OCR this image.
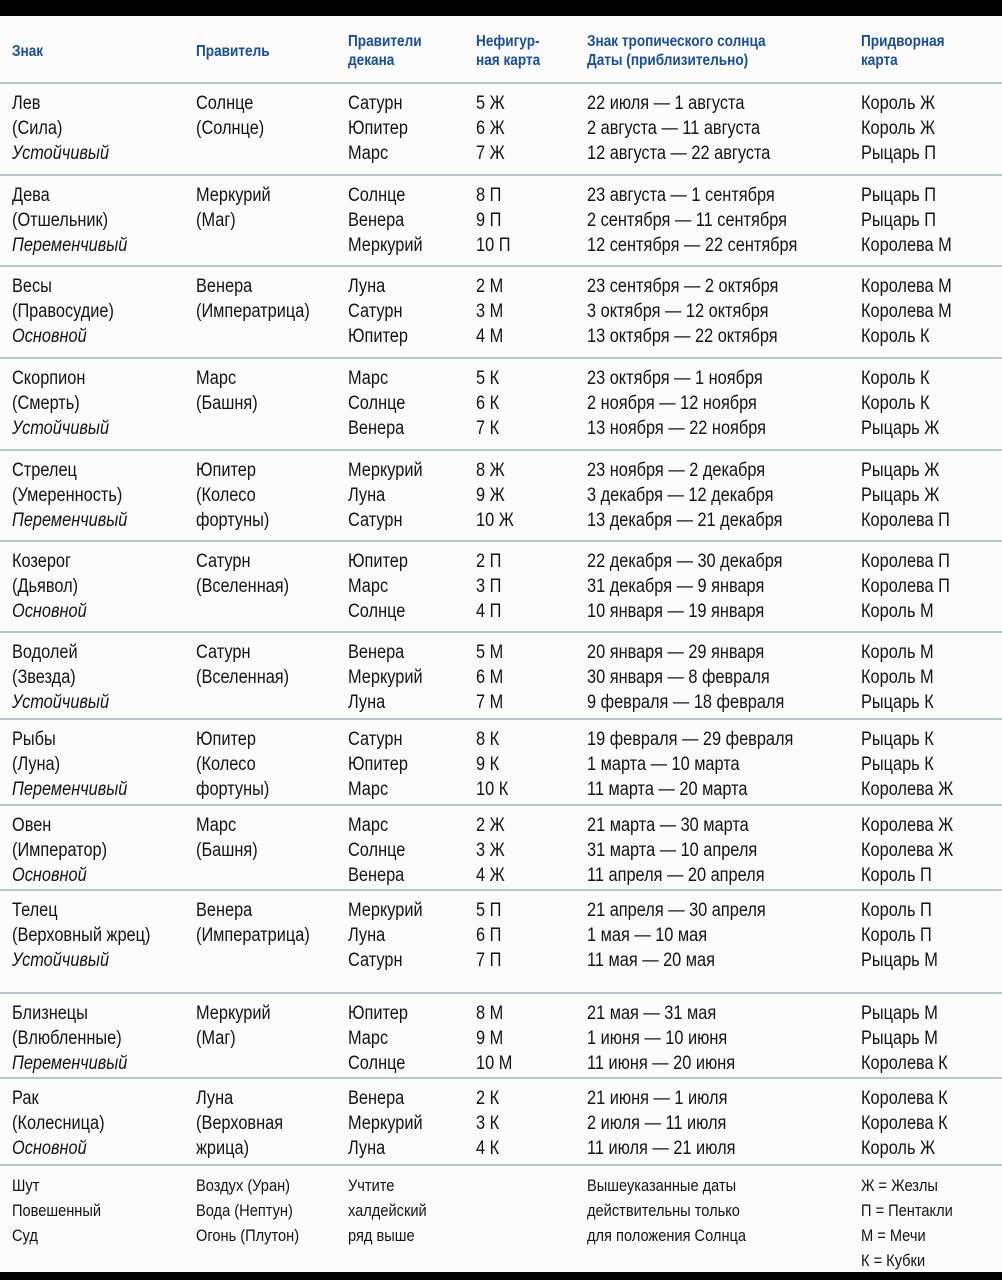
Знак	Правитель
Правители
декана
Нефигур-
ная карта
Знак тропического солнца
Даты (приблизительно)
Придворная
карта
Лев
(Сила)
Устойчивый
Солнце
(Солнце)
Сатурн
Юпитер
Марс
5 Ж
6 Ж
7 Ж
22 июля — 1 августа
2 августа — 11 августа
12 августа — 22 августа
Король Ж
Король Ж
Рыцарь П
Дева
(Отшельник)
Переменчивый
Меркурий
(Маг)
Солнце
Венера
Меркурий
8 П
9 П
10 П
23 августа — 1 сентября
2 сентября — 11 сентября
12 сентября — 22 сентября
Рыцарь П
Рыцарь П
Королева М
Весы
(Правосудие)
Основной
Венера
(Императрица)
Луна
Сатурн
Юпитер
2 М
3 М
4 М
23 сентября — 2 октября
3 октября — 12 октября
13 октября — 22 октября
Королева М
Королева М
Король К
Скорпион
(Смерть)
Устойчивый
Марс
(Башня)
Марс
Солнце
Венера
5 К
6 К
7 К
23 октября — 1 ноября
2 ноября — 12 ноября
13 ноября — 22 ноября
Король К
Король К
Рыцарь Ж
Стрелец
(Умеренность)
Переменчивый
Юпитер
(Колесо
фортуны)
Меркурий
Луна
Сатурн
8 Ж
9 Ж
10 Ж
23 ноября — 2 декабря
3 декабря — 12 декабря
13 декабря — 21 декабря
Рыцарь Ж
Рыцарь Ж
Королева П
Козерог
(Дьявол)
Основной
Сатурн
(Вселенная)
Юпитер
Марс
Солнце
2 П
3 П
4 П
22 декабря — 30 декабря
31 декабря — 9 января
10 января — 19 января
Королева П
Королева П
Король М
Водолей
(Звезда)
Устойчивый
Сатурн
(Вселенная)
Венера
Меркурий
Луна
5 М
6 М
7 М
20 января — 29 января
30 января — 8 февраля
9 февраля — 18 февраля
Король М
Король М
Рыцарь К
Рыбы
(Луна)
Переменчивый
Юпитер
(Колесо
фортуны)
Сатурн
Юпитер
Марс
8 К
9 К
10 К
19 февраля — 29 февраля
1 марта — 10 марта
11 марта — 20 марта
Рыцарь К
Рыцарь К
Королева Ж
Овен
(Император)
Основной
Марс
(Башня)
Марс
Солнце
Венера
2 Ж
3 Ж
4 Ж
21 марта — 30 марта
31 марта — 10 апреля
11 апреля — 20 апреля
Королева Ж
Королева Ж
Король П
Телец
(Верховный жрец)
Устойчивый
Венера
(Императрица)
Меркурий
Луна
Сатурн
5 П
6 П
7 П
21 апреля — 30 апреля
1 мая — 10 мая
11 мая — 20 мая
Король П
Король П
Рыцарь М
Близнецы
(Влюбленные)
Переменчивый
Меркурий
(Маг)
Юпитер
Марс
Солнце
8 М
9 М
10 М
21 мая — 31 мая
1 июня — 10 июня
11 июня — 20 июня
Рыцарь М
Рыцарь М
Королева К
Рак
(Колесница)
Основной
Луна
(Верховная
жрица)
Венера
Меркурий
Луна
2 К
3 К
4 К
21 июня — 1 июля
2 июля — 11 июля
11 июля — 21 июля
Королева К
Королева К
Король Ж
Шут
Повешенный
Суд
Воздух (Уран)
Вода (Нептун)
Огонь (Плутон)
Учтите
халдейский
ряд выше
Вышеуказанные даты
действительны только
для положения Солнца
Ж = Жезлы
П = Пентакли
М = Мечи
К = Кубки
